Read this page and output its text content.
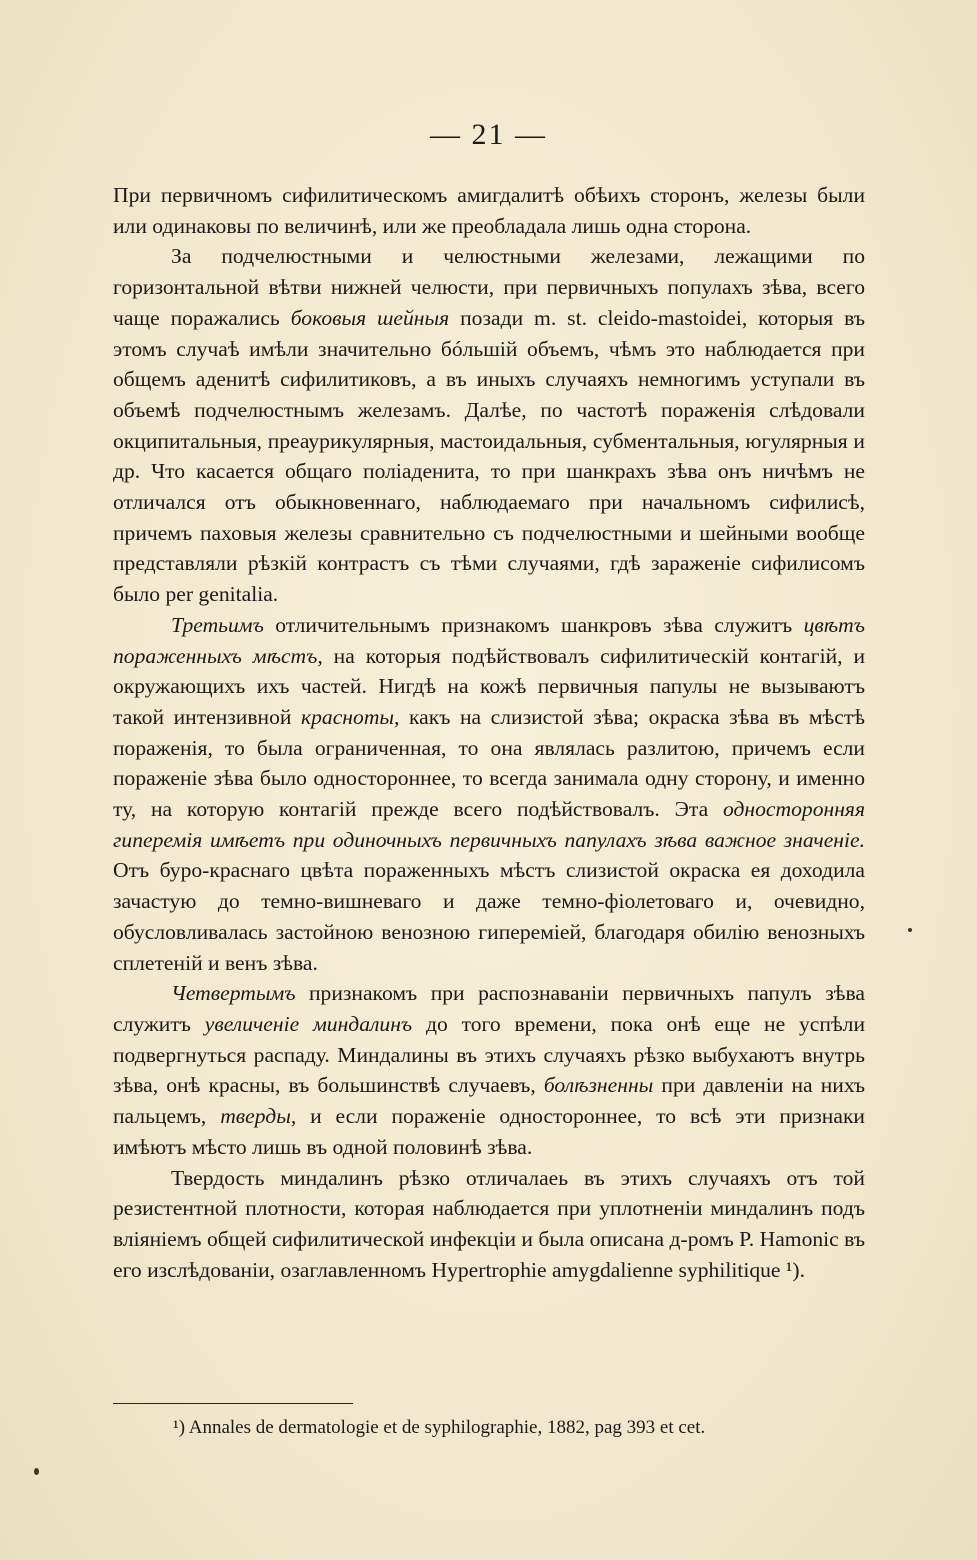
— 21 —

При первичномъ сифилитическомъ амигдалитѣ обѣихъ сторонъ, железы были или одинаковы по величинѣ, или же преобладала лишь одна сторона.

За подчелюстными и челюстными железами, лежащими по горизонтальной вѣтви нижней челюсти, при первичныхъ популахъ зѣва, всего чаще поражались боковыя шейныя позади m. st. cleido-mastoidei, которыя въ этомъ случаѣ имѣли значительно бóльшій объемъ, чѣмъ это наблюдается при общемъ аденитѣ сифилитиковъ, а въ иныхъ случаяхъ немногимъ уступали въ объемѣ подчелюстнымъ железамъ. Далѣе, по частотѣ пораженія слѣдовали окципитальныя, преаурикулярныя, мастоидальныя, субментальныя, югулярныя и др. Что касается общаго поліаденита, то при шанкрахъ зѣва онъ ничѣмъ не отличался отъ обыкновеннаго, наблюдаемаго при начальномъ сифилисѣ, причемъ паховыя железы сравнительно съ подчелюстными и шейными вообще представляли рѣзкій контрастъ съ тѣми случаями, гдѣ зараженіе сифилисомъ было per genitalia.

Третьимъ отличительнымъ признакомъ шанкровъ зѣва служитъ цвѣтъ пораженныхъ мѣстъ, на которыя подѣйствовалъ сифилитическій контагій, и окружающихъ ихъ частей. Нигдѣ на кожѣ первичныя папулы не вызываютъ такой интензивной красноты, какъ на слизистой зѣва; окраска зѣва въ мѣстѣ пораженія, то была ограниченная, то она являлась разлитою, причемъ если пораженіе зѣва было одностороннее, то всегда занимала одну сторону, и именно ту, на которую контагій прежде всего подѣйствовалъ. Эта односторонняя гиперемія имѣетъ при одиночныхъ первичныхъ папулахъ зѣва важное значеніе. Отъ буро-краснаго цвѣта пораженныхъ мѣстъ слизистой окраска ея доходила зачастую до темно-вишневаго и даже темно-фіолетоваго и, очевидно, обусловливалась застойною венозною гипереміей, благодаря обилію венозныхъ сплетеній и венъ зѣва.

Четвертымъ признакомъ при распознаваніи первичныхъ папулъ зѣва служитъ увеличеніе миндалинъ до того времени, пока онѣ еще не успѣли подвергнуться распаду. Миндалины въ этихъ случаяхъ рѣзко выбухаютъ внутрь зѣва, онѣ красны, въ большинствѣ случаевъ, болѣзненны при давленіи на нихъ пальцемъ, тверды, и если пораженіе одностороннее, то всѣ эти признаки имѣютъ мѣсто лишь въ одной половинѣ зѣва.

Твердость миндалинъ рѣзко отличалаеь въ этихъ случаяхъ отъ той резистентной плотности, которая наблюдается при уплотненіи миндалинъ подъ вліяніемъ общей сифилитической инфекціи и была описана д-ромъ P. Hamonic въ его изслѣдованіи, озаглавленномъ Hypertrophie amygdalienne syphilitique ¹).

¹) Annales de dermatologie et de syphilographie, 1882, pag 393 et cet.
